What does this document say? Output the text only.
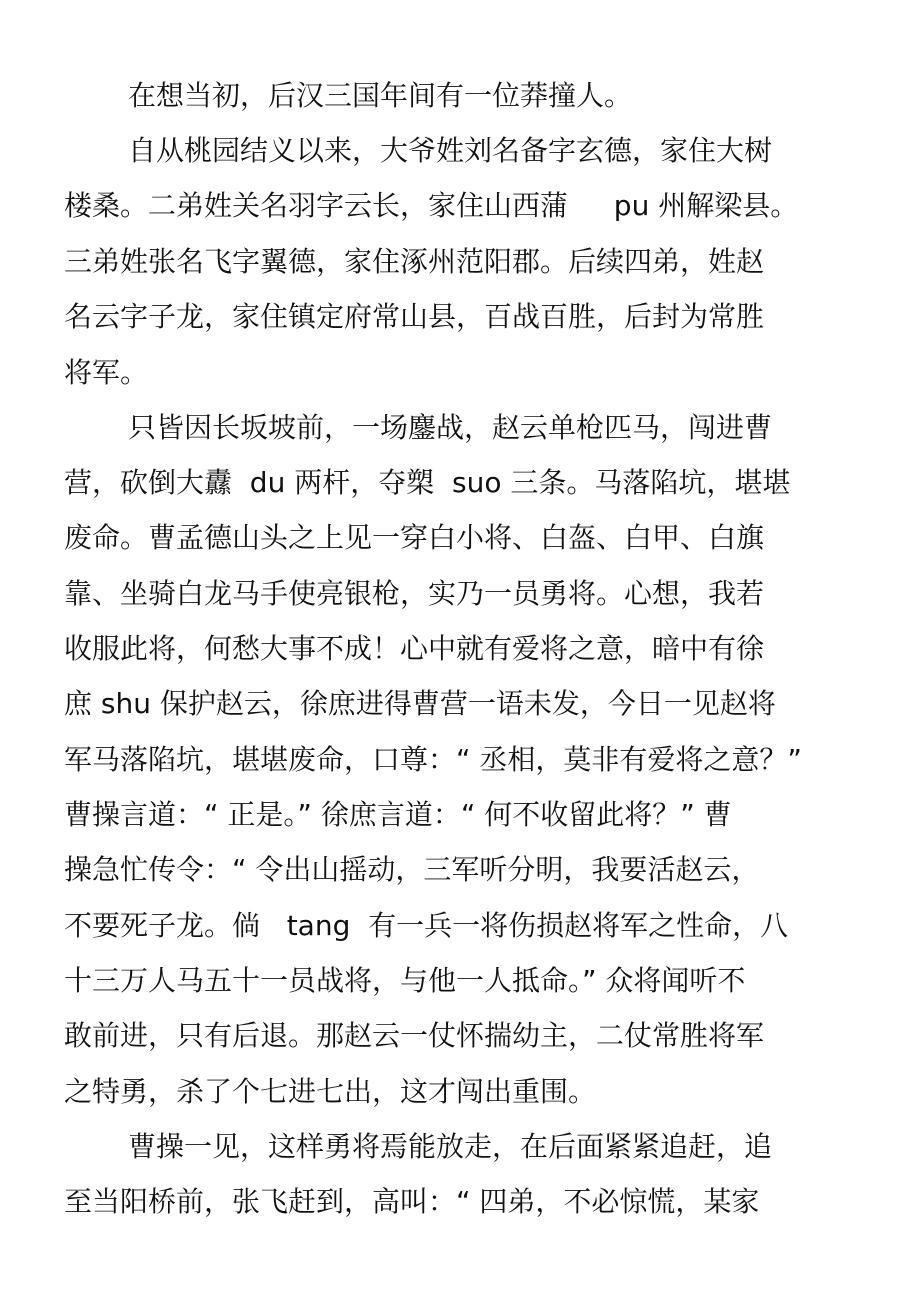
在想当初，后汉三国年间有一位莽撞人。
自从桃园结义以来，大爷姓刘名备字玄德，家住大树
楼桑。二弟姓关名羽字云长，家住山西蒲　  pu 州解梁县。
三弟姓张名飞字翼德，家住涿州范阳郡。后续四弟，姓赵
名云字子龙，家住镇定府常山县，百战百胜，后封为常胜
将军。
只皆因长坂坡前，一场鏖战，赵云单枪匹马，闯进曹
营，砍倒大纛  du 两杆，夺槊  suo 三条。马落陷坑，堪堪
废命。曹孟德山头之上见一穿白小将、白盔、白甲、白旗
靠、坐骑白龙马手使亮银枪，实乃一员勇将。心想，我若
收服此将，何愁大事不成！心中就有爱将之意，暗中有徐
庶 shu 保护赵云，徐庶进得曹营一语未发，今日一见赵将
军马落陷坑，堪堪废命，口尊：“ 丞相，莫非有爱将之意？”
曹操言道：“ 正是。” 徐庶言道：“ 何不收留此将？” 曹
操急忙传令：“ 令出山摇动，三军听分明，我要活赵云，
不要死子龙。倘   tang  有一兵一将伤损赵将军之性命，八
十三万人马五十一员战将，与他一人抵命。” 众将闻听不
敢前进，只有后退。那赵云一仗怀揣幼主，二仗常胜将军
之特勇，杀了个七进七出，这才闯出重围。
曹操一见，这样勇将焉能放走，在后面紧紧追赶，追
至当阳桥前，张飞赶到，高叫：“ 四弟，不必惊慌，某家
